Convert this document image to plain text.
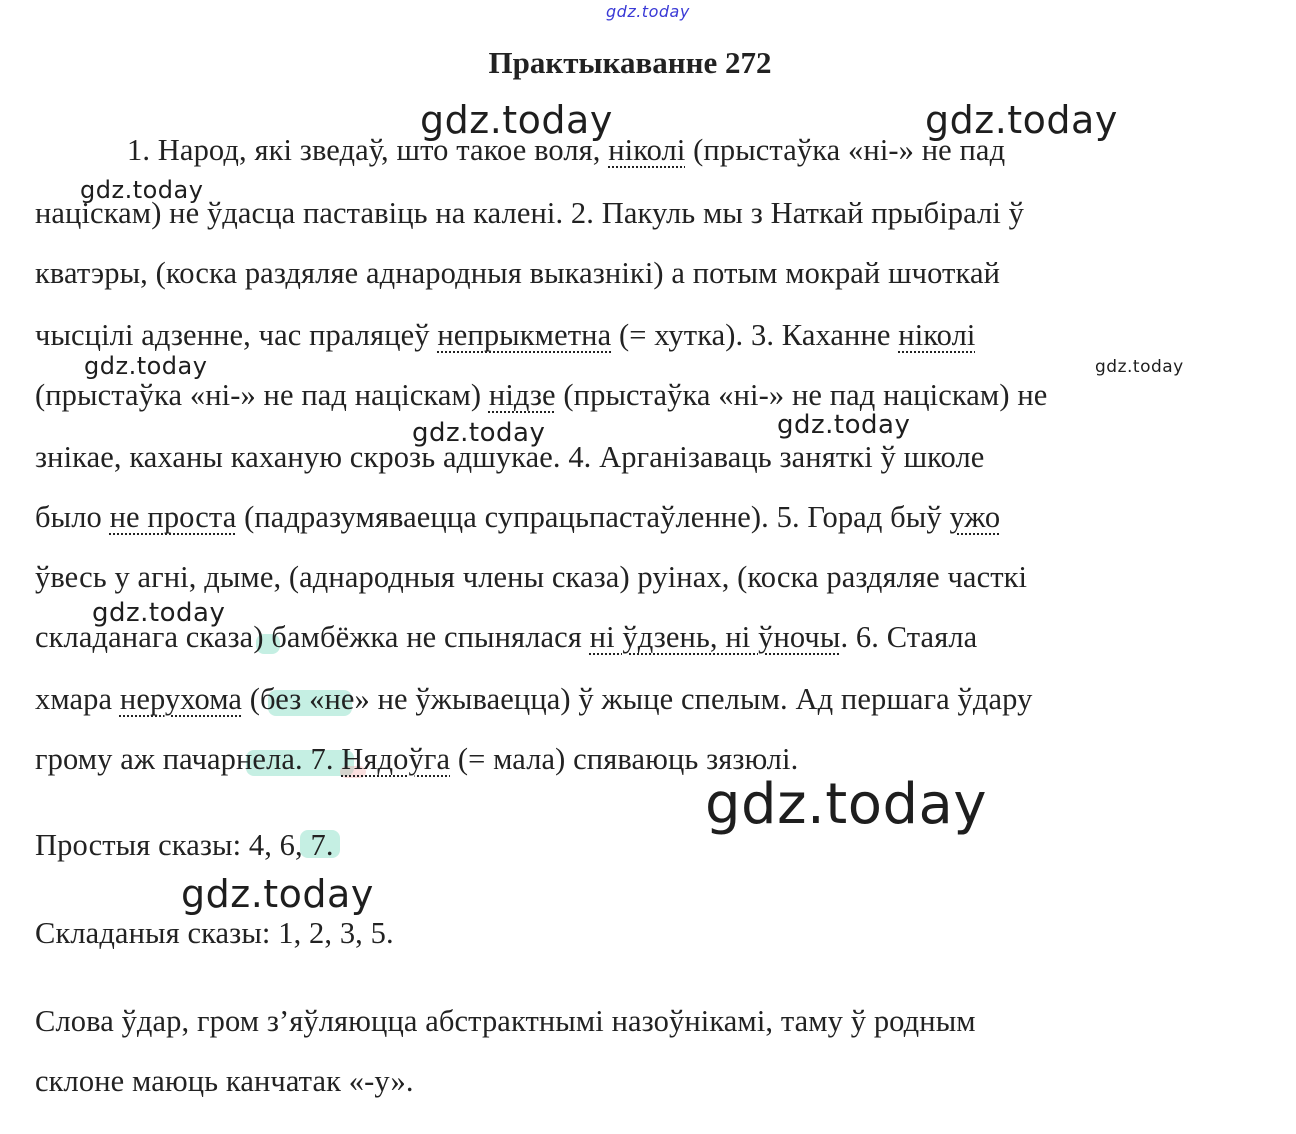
gdz.today
Практыкаванне 272
gdz.today	gdz.today
gdz.today
gdz.today	gdz.today
gdz.today	gdz.today
gdz.today
gdz.today
gdz.today
1. Народ, які зведаў, што такое воля, ніколі (прыстаўка «ні-» не пад
націскам) не ўдасца паставіць на калені. 2. Пакуль мы з Наткай прыбіралі ў
кватэры, (коска раздяляе аднародныя выказнікі) а потым мокрай шчоткай
чысцілі адзенне, час праляцеў непрыкметна (= хутка). 3. Каханне ніколі
(прыстаўка «ні-» не пад націскам) нідзе (прыстаўка «ні-» не пад націскам) не
знікае, каханы каханую скрозь адшукае. 4. Арганізаваць заняткі ў школе
было не проста (падразумяваецца супрацьпастаўленне). 5. Горад быў ужо
ўвесь у агні, дыме, (аднародныя члены сказа) руінах, (коска раздяляе часткі
складанага сказа) бамбёжка не спынялася ні ўдзень, ні ўночы. 6. Стаяла
хмара нерухома (без «не» не ўжываецца) ў жыце спелым. Ад першага ўдару
грому аж пачарнела. 7. Нядоўга (= мала) спяваюць зязюлі.
Простыя сказы: 4, 6, 7.
Складаныя сказы: 1, 2, 3, 5.
Слова ўдар, гром з’яўляюцца абстрактнымі назоўнікамі, таму ў родным
склоне маюць канчатак «-у».
